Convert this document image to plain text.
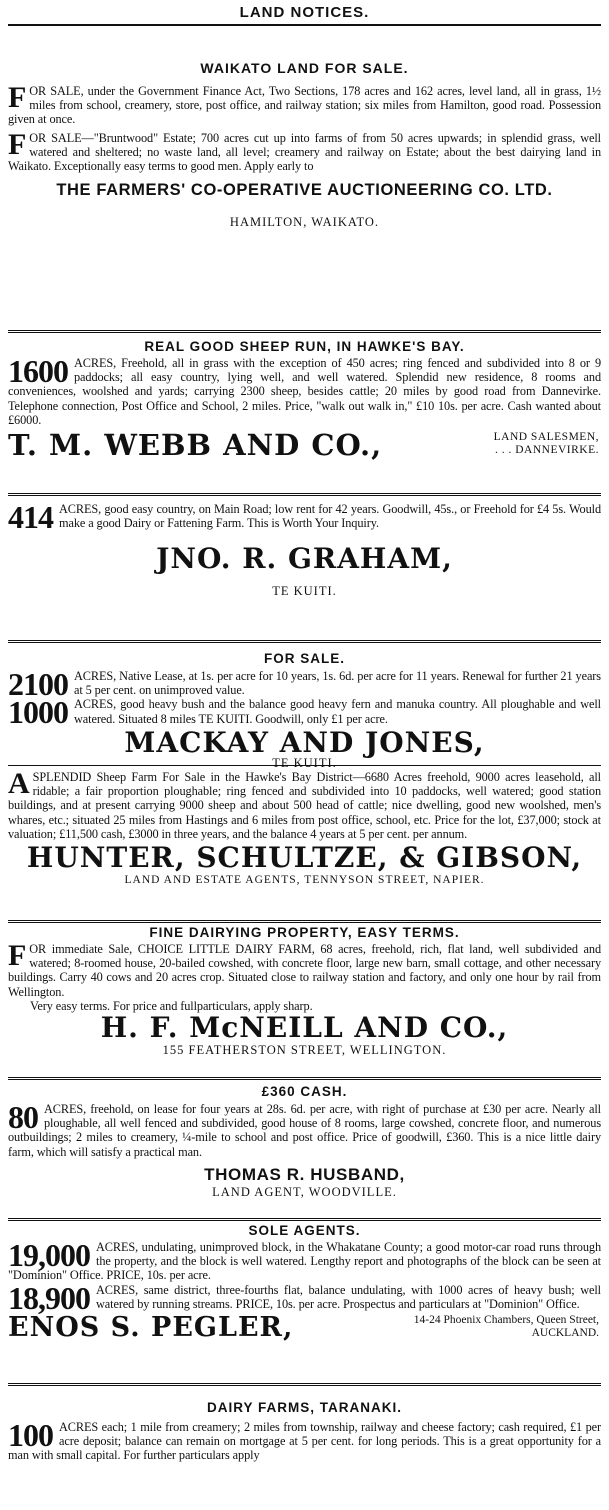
LAND NOTICES.
WAIKATO LAND FOR SALE.

FOR SALE, under the Government Finance Act, Two Sections, 178 acres and 162 acres, level land, all in grass, 1½ miles from school, creamery, store, post office, and railway station; six miles from Hamilton, good road. Possession given at once.

FOR SALE—"Bruntwood" Estate; 700 acres cut up into farms of from 50 acres upwards; in splendid grass, well watered and sheltered; no waste land, all level; creamery and railway on Estate; about the best dairying land in Waikato. Exceptionally easy terms to good men. Apply early to

THE FARMERS' CO-OPERATIVE AUCTIONEERING CO. LTD.
HAMILTON, WAIKATO.
REAL GOOD SHEEP RUN, IN HAWKE'S BAY.

1600 ACRES, Freehold, all in grass with the exception of 450 acres; ring fenced and subdivided into 8 or 9 paddocks; all easy country, lying well, and well watered. Splendid new residence, 8 rooms and conveniences, woolshed and yards; carrying 2300 sheep, besides cattle; 20 miles by good road from Dannevirke. Telephone connection, Post Office and School, 2 miles. Price, "walk out walk in," £10 10s. per acre. Cash wanted about £6000.

T. M. WEBB AND CO.,	LAND SALESMEN,
. . . DANNEVIRKE.

414 ACRES, good easy country, on Main Road; low rent for 42 years. Goodwill, 45s., or Freehold for £4 5s. Would make a good Dairy or Fattening Farm. This is Worth Your Inquiry.

JNO. R. GRAHAM,
TE KUITI.
FOR SALE.

2100 ACRES, Native Lease, at 1s. per acre for 10 years, 1s. 6d. per acre for 11 years. Renewal for further 21 years at 5 per cent. on unimproved value.

1000 ACRES, good heavy bush and the balance good heavy fern and manuka country. All ploughable and well watered. Situated 8 miles TE KUITI. Goodwill, only £1 per acre.

MACKAY AND JONES,
TE KUITI.

ASPLENDID Sheep Farm For Sale in the Hawke's Bay District—6680 Acres freehold, 9000 acres leasehold, all ridable; a fair proportion ploughable; ring fenced and subdivided into 10 paddocks, well watered; good station buildings, and at present carrying 9000 sheep and about 500 head of cattle; nice dwelling, good new woolshed, men's whares, etc.; situated 25 miles from Hastings and 6 miles from post office, school, etc. Price for the lot, £37,000; stock at valuation; £11,500 cash, £3000 in three years, and the balance 4 years at 5 per cent. per annum.

HUNTER, SCHULTZE, & GIBSON,
LAND AND ESTATE AGENTS, TENNYSON STREET, NAPIER.
FINE DAIRYING PROPERTY, EASY TERMS.

FOR immediate Sale, CHOICE LITTLE DAIRY FARM, 68 acres, freehold, rich, flat land, well subdivided and watered; 8-roomed house, 20-bailed cowshed, with concrete floor, large new barn, small cottage, and other necessary buildings. Carry 40 cows and 20 acres crop. Situated close to railway station and factory, and only one hour by rail from Wellington.

Very easy terms. For price and fullparticulars, apply sharp.

H. F. McNEILL AND CO.,
155 FEATHERSTON STREET, WELLINGTON.
£360 CASH.

80 ACRES, freehold, on lease for four years at 28s. 6d. per acre, with right of purchase at £30 per acre. Nearly all ploughable, all well fenced and subdivided, good house of 8 rooms, large cowshed, concrete floor, and numerous outbuildings; 2 miles to creamery, ¼-mile to school and post office. Price of goodwill, £360. This is a nice little dairy farm, which will satisfy a practical man.

THOMAS R. HUSBAND,
LAND AGENT, WOODVILLE.
SOLE AGENTS.

19,000 ACRES, undulating, unimproved block, in the Whakatane County; a good motor-car road runs through the property, and the block is well watered. Lengthy report and photographs of the block can be seen at "Dominion" Office. PRICE, 10s. per acre.

18,900 ACRES, same district, three-fourths flat, balance undulating, with 1000 acres of heavy bush; well watered by running streams. PRICE, 10s. per acre. Prospectus and particulars at "Dominion" Office.

ENOS S. PEGLER,	14-24 Phoenix Chambers, Queen Street,
AUCKLAND.
DAIRY FARMS, TARANAKI.

100 ACRES each; 1 mile from creamery; 2 miles from township, railway and cheese factory; cash required, £1 per acre deposit; balance can remain on mortgage at 5 per cent. for long periods. This is a great opportunity for a man with small capital. For further particulars apply
